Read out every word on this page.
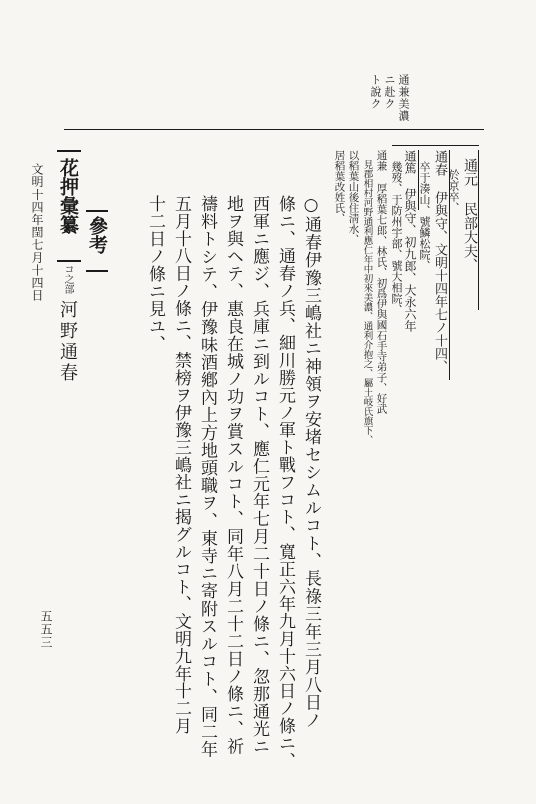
通兼美濃
ニ赴ク
ト說ク
通元 民部大夫、
　於京卒、
通春 伊與守、文明十四年七ノ十四、
　卒于湊山、號鱗松院、
通篤 伊與守、初九郎、大永六年
　幾歿、于防州宇部、號大相院、
通兼 厚稻葉七郎、林氏、初爲伊與國石手寺弟子、好武
　見郡相村河野通利應仁年中初來美濃、通利介抱之、屬土岐氏旗下、
以稻葉山後住淸水、
居稻葉改姓氏、
○通春伊豫三嶋社ニ神領ヲ安堵セシムルコト、長祿三年三月八日ノ
條ニ、通春ノ兵、細川勝元ノ軍ト戰フコト、寬正六年九月十六日ノ條ニ、
西軍ニ應ジ、兵庫ニ到ルコト、應仁元年七月二十日ノ條ニ、忽那通光ニ
地ヲ與ヘテ、惠良在城ノ功ヲ賞スルコト、同年八月二十二日ノ條ニ、祈
禱料トシテ、伊豫味酒鄕內上方地頭職ヲ、東寺ニ寄附スルコト、同二年
五月十八日ノ條ニ、禁榜ヲ伊豫三嶋社ニ揭グルコト、文明九年十二月
十二日ノ條ニ見ユ、
參考
花押彙纂
コ之部
河野通春
文明十四年閏七月十四日
五五三
